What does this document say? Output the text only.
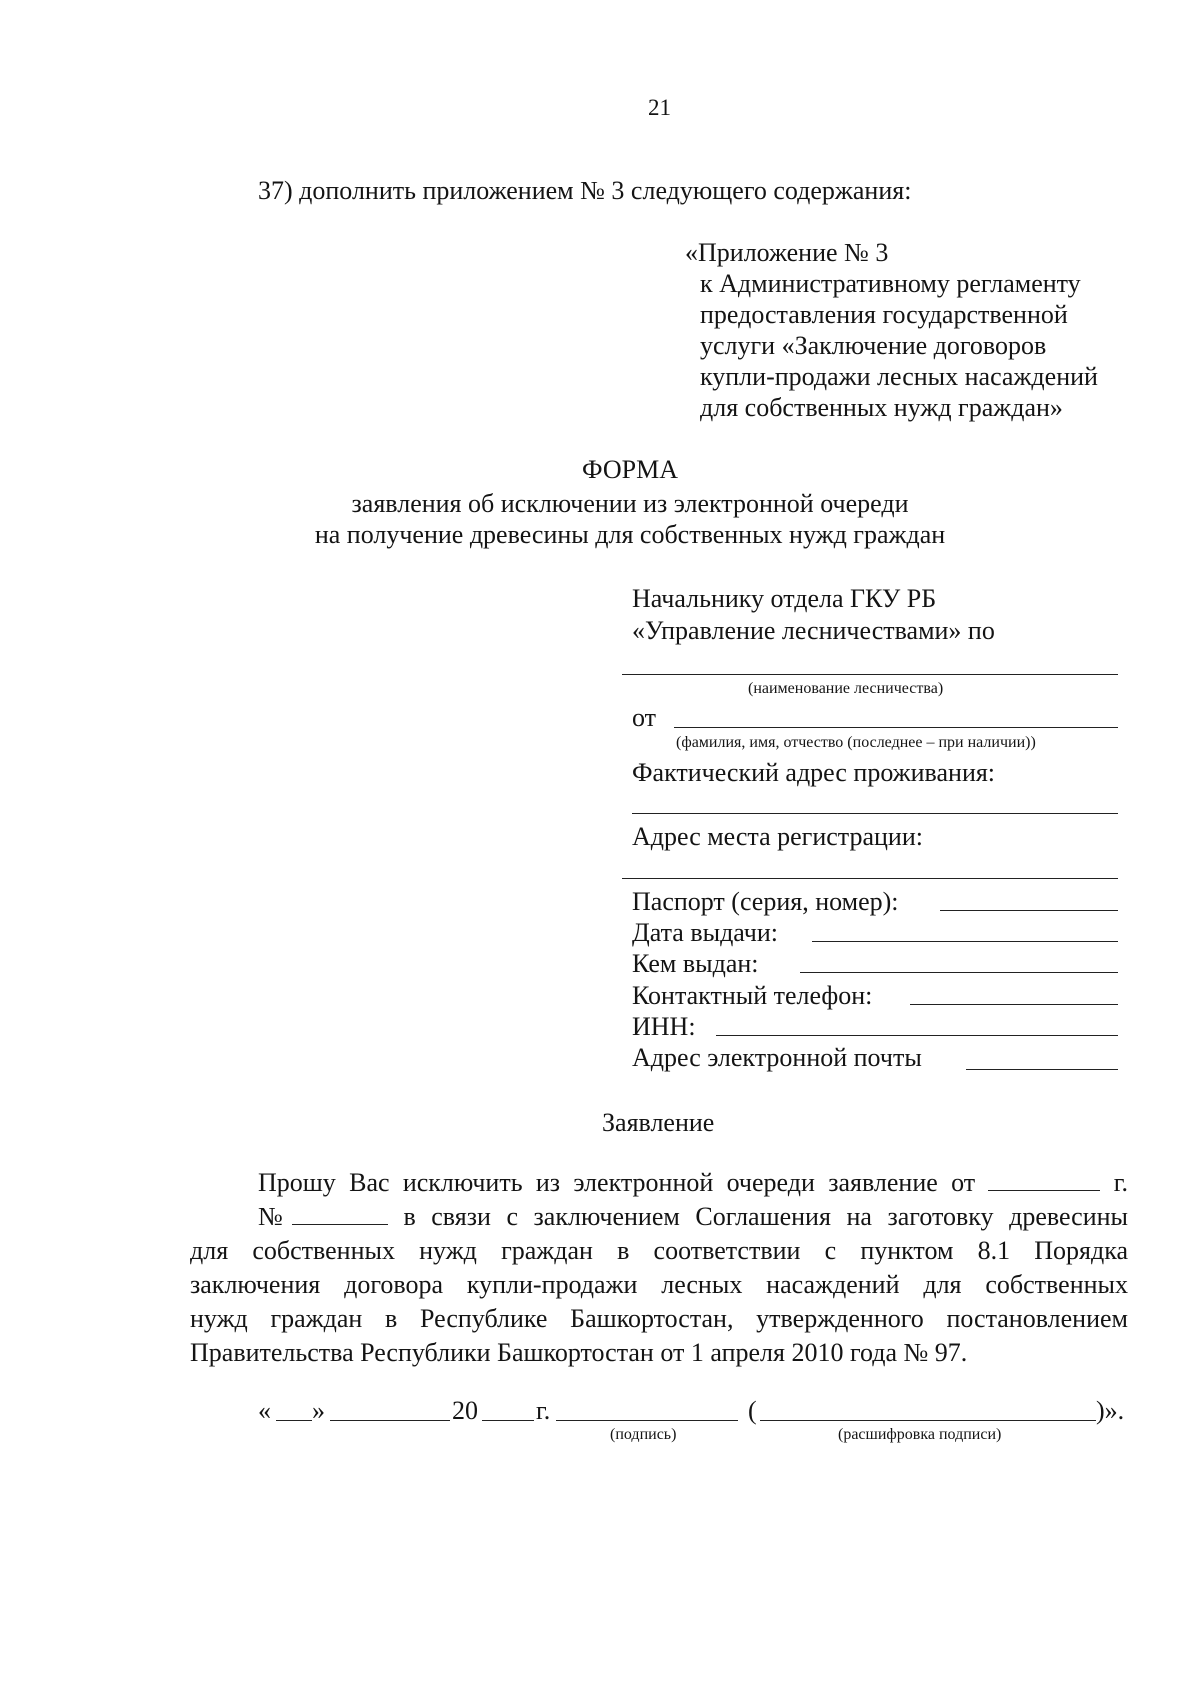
21
37) дополнить приложением № 3 следующего содержания:
«Приложение № 3
к Административному регламенту
предоставления государственной
услуги «Заключение договоров
купли-продажи лесных насаждений
для собственных нужд граждан»
ФОРМА
заявления об исключении из электронной очереди
на получение древесины для собственных нужд граждан
Начальнику отдела ГКУ РБ
«Управление лесничествами» по
(наименование лесничества)
от
(фамилия, имя, отчество (последнее – при наличии))
Фактический адрес проживания:
Адрес места регистрации:
Паспорт (серия, номер):
Дата выдачи:
Кем выдан:
Контактный телефон:
ИНН:
Адрес электронной почты
Заявление
Прошу Вас исключить из электронной очереди заявление от	г.
№	в связи с заключением Соглашения на заготовку древесины
для собственных нужд граждан в соответствии с пунктом 8.1 Порядка
заключения договора купли-продажи лесных насаждений для собственных
нужд граждан в Республике Башкортостан, утвержденного постановлением
Правительства Республики Башкортостан от 1 апреля 2010 года № 97.
« »	20 г.	(	)».
(подпись)	(расшифровка подписи)
